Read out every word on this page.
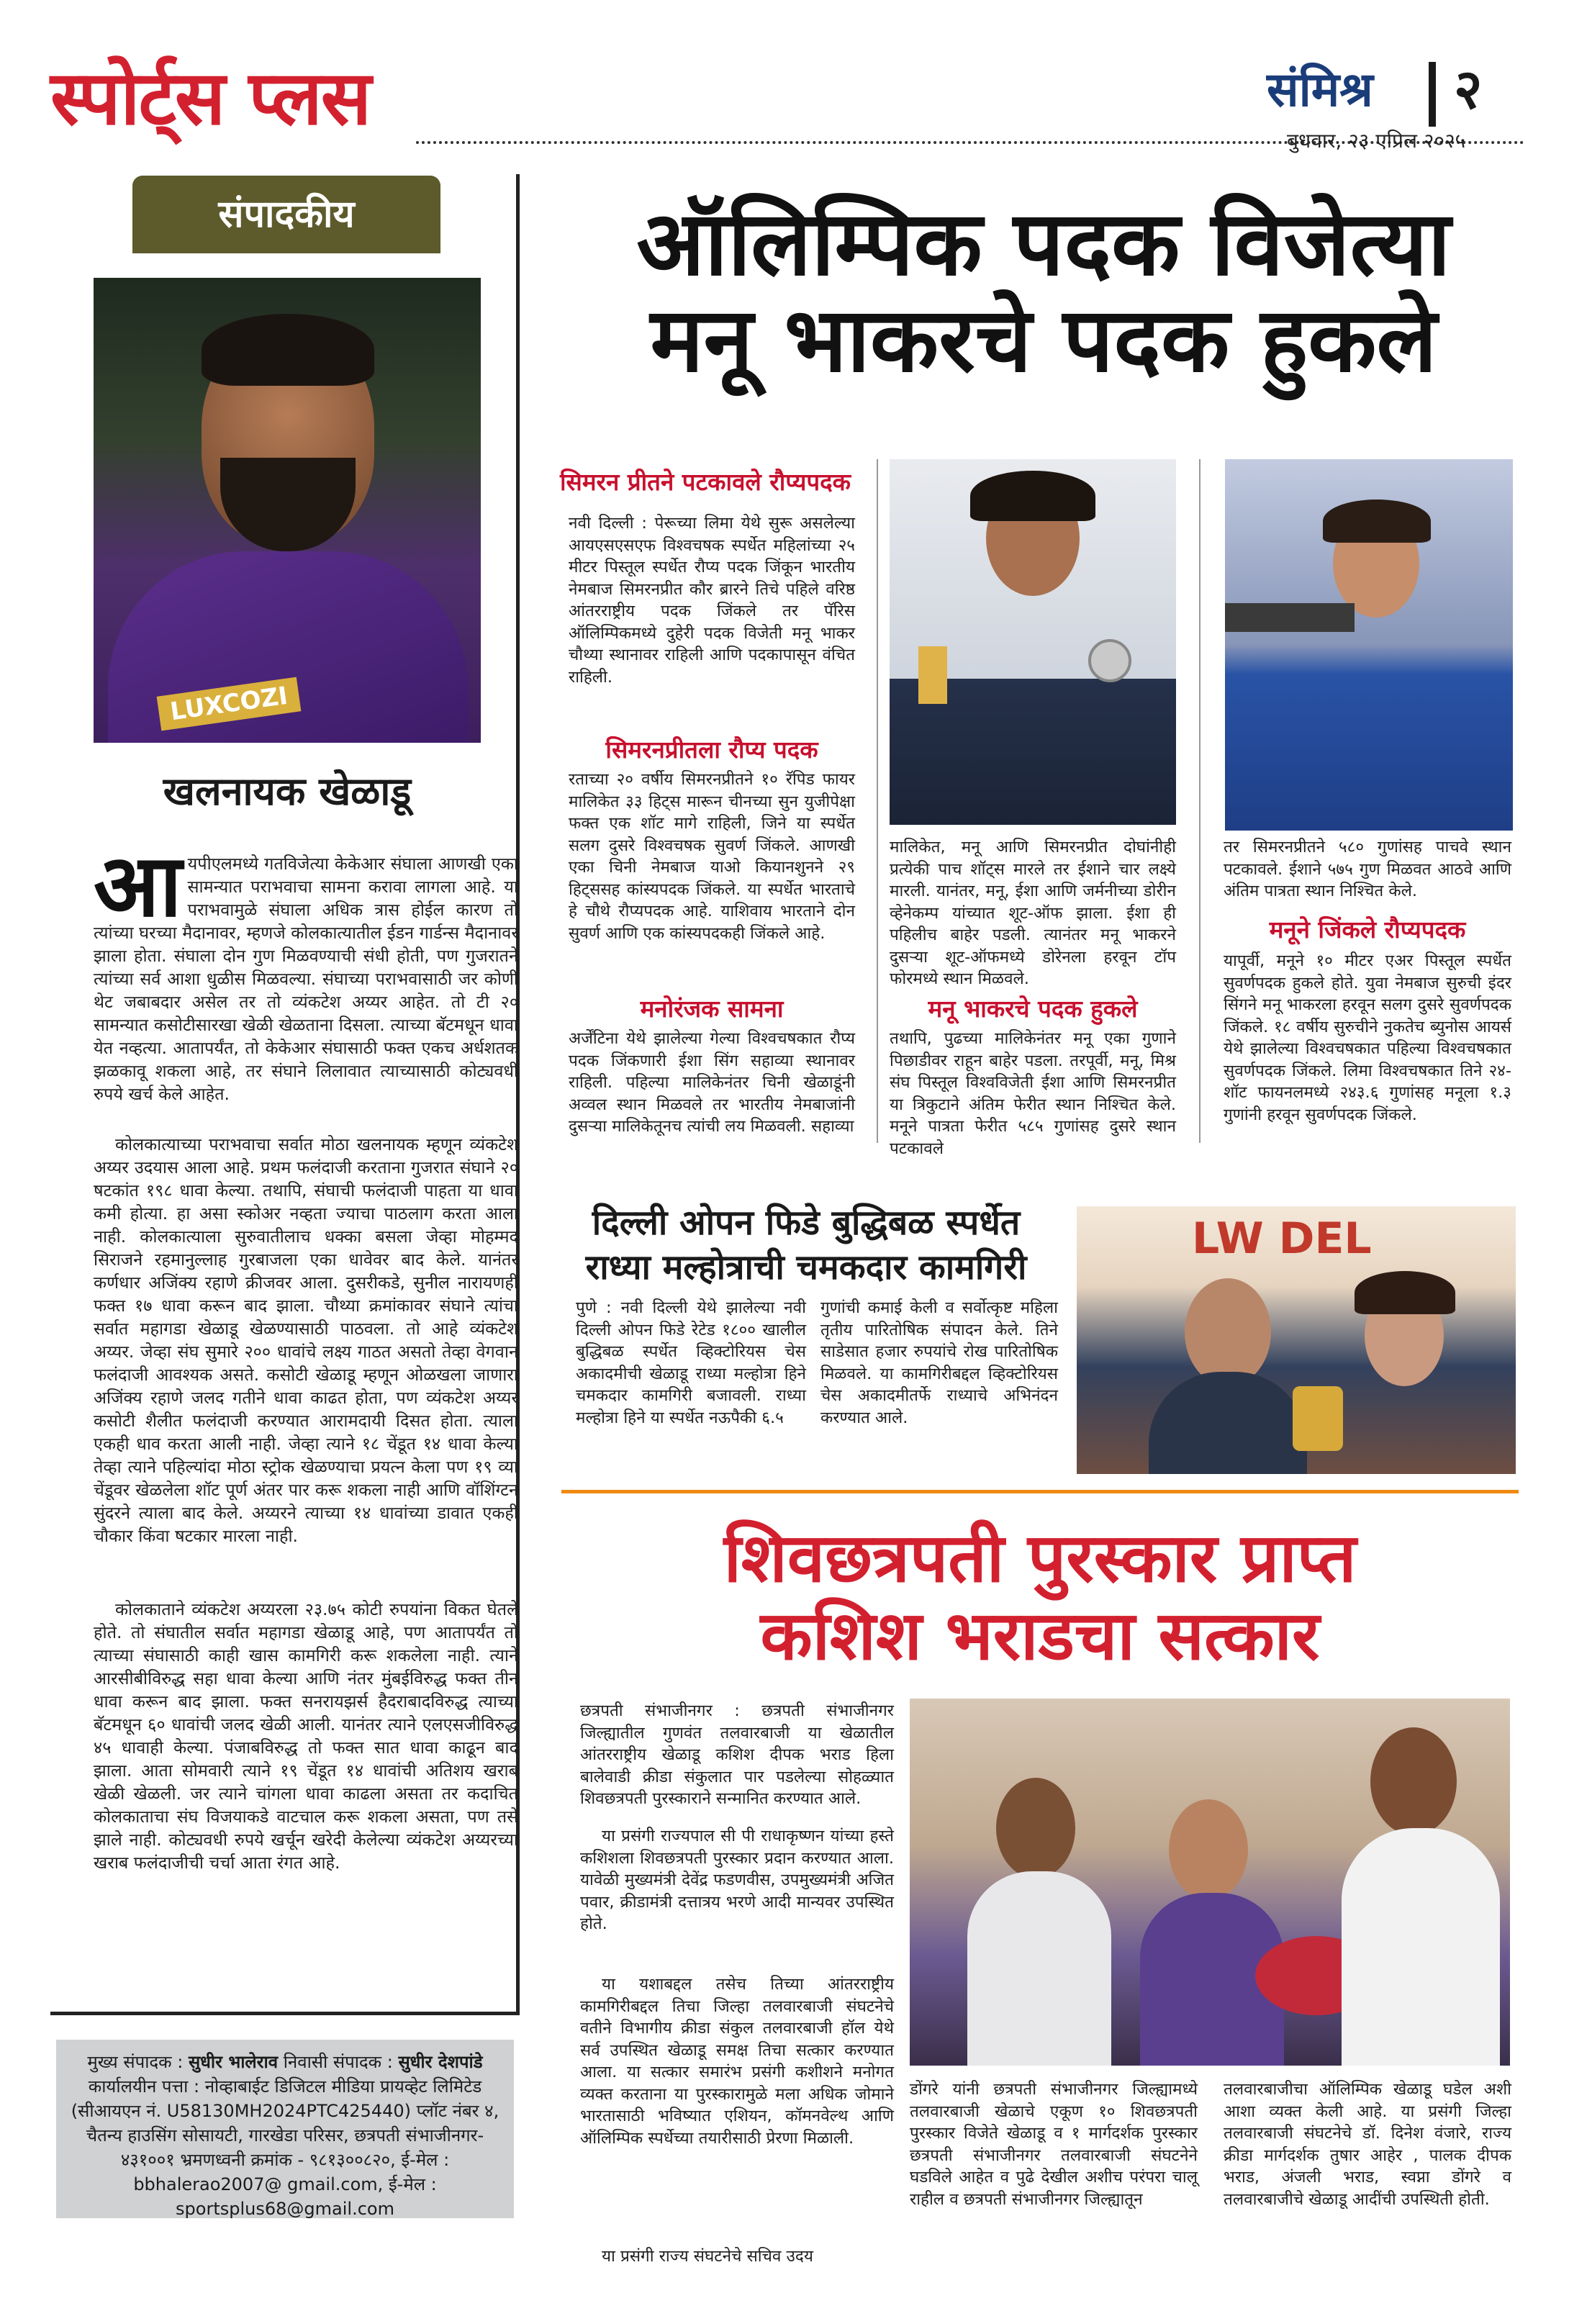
स्पोर्ट्स प्लस	संमिश्र २
बुधवार, २३ एप्रिल २०२५
संपादकीय
LUXCOZI
खलनायक खेळाडू

आयपीएलमध्ये गतविजेत्या केकेआर संघाला आणखी एका सामन्यात पराभवाचा सामना करावा लागला आहे. या पराभवामुळे संघाला अधिक त्रास होईल कारण तो त्यांच्या घरच्या मैदानावर, म्हणजे कोलकात्यातील ईडन गार्डन्स मैदानावर झाला होता. संघाला दोन गुण मिळवण्याची संधी होती, पण गुजरातने त्यांच्या सर्व आशा धुळीस मिळवल्या. संघाच्या पराभवासाठी जर कोणी थेट जबाबदार असेल तर तो व्यंकटेश अय्यर आहेत. तो टी २० सामन्यात कसोटीसारखा खेळी खेळताना दिसला. त्याच्या बॅटमधून धावा येत नव्हत्या. आतापर्यंत, तो केकेआर संघासाठी फक्त एकच अर्धशतक झळकावू शकला आहे, तर संघाने लिलावात त्याच्यासाठी कोट्यवधी रुपये खर्च केले आहेत.

कोलकात्याच्या पराभवाचा सर्वात मोठा खलनायक म्हणून व्यंकटेश अय्यर उदयास आला आहे. प्रथम फलंदाजी करताना गुजरात संघाने २० षटकांत १९८ धावा केल्या. तथापि, संघाची फलंदाजी पाहता या धावा कमी होत्या. हा असा स्कोअर नव्हता ज्याचा पाठलाग करता आला नाही. कोलकात्याला सुरुवातीलाच धक्का बसला जेव्हा मोहम्मद सिराजने रहमानुल्लाह गुरबाजला एका धावेवर बाद केले. यानंतर कर्णधार अजिंक्य रहाणे क्रीजवर आला. दुसरीकडे, सुनील नारायणही फक्त १७ धावा करून बाद झाला. चौथ्या क्रमांकावर संघाने त्यांचा सर्वात महागडा खेळाडू खेळण्यासाठी पाठवला. तो आहे व्यंकटेश अय्यर. जेव्हा संघ सुमारे २०० धावांचे लक्ष्य गाठत असतो तेव्हा वेगवान फलंदाजी आवश्यक असते. कसोटी खेळाडू म्हणून ओळखला जाणारा अजिंक्य रहाणे जलद गतीने धावा काढत होता, पण व्यंकटेश अय्यर कसोटी शैलीत फलंदाजी करण्यात आरामदायी दिसत होता. त्याला एकही धाव करता आली नाही. जेव्हा त्याने १८ चेंडूत १४ धावा केल्या तेव्हा त्याने पहिल्यांदा मोठा स्ट्रोक खेळण्याचा प्रयत्न केला पण १९ व्या चेंडूवर खेळलेला शॉट पूर्ण अंतर पार करू शकला नाही आणि वॉशिंग्टन सुंदरने त्याला बाद केले. अय्यरने त्याच्या १४ धावांच्या डावात एकही चौकार किंवा षटकार मारला नाही.

कोलकाताने व्यंकटेश अय्यरला २३.७५ कोटी रुपयांना विकत घेतले होते. तो संघातील सर्वात महागडा खेळाडू आहे, पण आतापर्यंत तो त्याच्या संघासाठी काही खास कामगिरी करू शकलेला नाही. त्याने आरसीबीविरुद्ध सहा धावा केल्या आणि नंतर मुंबईविरुद्ध फक्त तीन धावा करून बाद झाला. फक्त सनरायझर्स हैदराबादविरुद्ध त्याच्या बॅटमधून ६० धावांची जलद खेळी आली. यानंतर त्याने एलएसजीविरुद्ध ४५ धावाही केल्या. पंजाबविरुद्ध तो फक्त सात धावा काढून बाद झाला. आता सोमवारी त्याने १९ चेंडूत १४ धावांची अतिशय खराब खेळी खेळली. जर त्याने चांगला धावा काढला असता तर कदाचित कोलकाताचा संघ विजयाकडे वाटचाल करू शकला असता, पण तसे झाले नाही. कोट्यवधी रुपये खर्चून खरेदी केलेल्या व्यंकटेश अय्यरच्या खराब फलंदाजीची चर्चा आता रंगत आहे.

मुख्य संपादक : सुधीर भालेराव निवासी संपादक : सुधीर देशपांडे
कार्यालयीन पत्ता : नोव्हाबाईट डिजिटल मीडिया प्रायव्हेट लिमिटेड (सीआयएन नं. U58130MH2024PTC425440) प्लॉट नंबर ४, चैतन्य हाउसिंग सोसायटी, गारखेडा परिसर, छत्रपती संभाजीनगर- ४३१००१ भ्रमणध्वनी क्रमांक - ९८१३००८२०, ई-मेल : bbhalerao2007@ gmail.com, ई-मेल : sportsplus68@gmail.com
ऑलिम्पिक पदक विजेत्या
मनू भाकरचे पदक हुकले
सिमरन प्रीतने पटकावले रौप्यपदक
नवी दिल्ली : पेरूच्या लिमा येथे सुरू असलेल्या आयएसएसएफ विश्वचषक स्पर्धेत महिलांच्या २५ मीटर पिस्तूल स्पर्धेत रौप्य पदक जिंकून भारतीय नेमबाज सिमरनप्रीत कौर ब्रारने तिचे पहिले वरिष्ठ आंतरराष्ट्रीय पदक जिंकले तर पॅरिस ऑलिम्पिकमध्ये दुहेरी पदक विजेती मनू भाकर चौथ्या स्थानावर राहिली आणि पदकापासून वंचित राहिली.
सिमरनप्रीतला रौप्य पदक
रताच्या २० वर्षीय सिमरनप्रीतने १० रॅपिड फायर मालिकेत ३३ हिट्स मारून चीनच्या सुन युजीपेक्षा फक्त एक शॉट मागे राहिली, जिने या स्पर्धेत सलग दुसरे विश्वचषक सुवर्ण जिंकले. आणखी एका चिनी नेमबाज याओ कियानशुनने २९ हिट्ससह कांस्यपदक जिंकले. या स्पर्धेत भारताचे हे चौथे रौप्यपदक आहे. याशिवाय भारताने दोन सुवर्ण आणि एक कांस्यपदकही जिंकले आहे.
मनोरंजक सामना
अर्जेंटिना येथे झालेल्या गेल्या विश्वचषकात रौप्य पदक जिंकणारी ईशा सिंग सहाव्या स्थानावर राहिली. पहिल्या मालिकेनंतर चिनी खेळाडूंनी अव्वल स्थान मिळवले तर भारतीय नेमबाजांनी दुसऱ्या मालिकेतूनच त्यांची लय मिळवली. सहाव्या
मालिकेत, मनू आणि सिमरनप्रीत दोघांनीही प्रत्येकी पाच शॉट्स मारले तर ईशाने चार लक्ष्ये मारली. यानंतर, मनू, ईशा आणि जर्मनीच्या डोरीन व्हेनेकम्प यांच्यात शूट-ऑफ झाला. ईशा ही पहिलीच बाहेर पडली. त्यानंतर मनू भाकरने दुसऱ्या शूट-ऑफमध्ये डोरेनला हरवून टॉप फोरमध्ये स्थान मिळवले.
मनू भाकरचे पदक हुकले
तथापि, पुढच्या मालिकेनंतर मनू एका गुणाने पिछाडीवर राहून बाहेर पडला. तरपूर्वी, मनू, मिश्र संघ पिस्तूल विश्वविजेती ईशा आणि सिमरनप्रीत या त्रिकुटाने अंतिम फेरीत स्थान निश्चित केले. मनूने पात्रता फेरीत ५८५ गुणांसह दुसरे स्थान पटकावले
तर सिमरनप्रीतने ५८० गुणांसह पाचवे स्थान पटकावले. ईशाने ५७५ गुण मिळवत आठवे आणि अंतिम पात्रता स्थान निश्चित केले.
मनूने जिंकले रौप्यपदक
यापूर्वी, मनूने १० मीटर एअर पिस्तूल स्पर्धेत सुवर्णपदक हुकले होते. युवा नेमबाज सुरुची इंदर सिंगने मनू भाकरला हरवून सलग दुसरे सुवर्णपदक जिंकले. १८ वर्षीय सुरुचीने नुकतेच ब्युनोस आयर्स येथे झालेल्या विश्वचषकात पहिल्या विश्वचषकात सुवर्णपदक जिंकले. लिमा विश्वचषकात तिने २४-शॉट फायनलमध्ये २४३.६ गुणांसह मनूला १.३ गुणांनी हरवून सुवर्णपदक जिंकले.
दिल्ली ओपन फिडे बुद्धिबळ स्पर्धेत
राध्या मल्होत्राची चमकदार कामगिरी
पुणे : नवी दिल्ली येथे झालेल्या नवी दिल्ली ओपन फिडे रेटेड १८०० खालील बुद्धिबळ स्पर्धेत व्हिक्टोरियस चेस अकादमीची खेळाडू राध्या मल्होत्रा हिने चमकदार कामगिरी बजावली. राध्या मल्होत्रा हिने या स्पर्धेत नऊपैकी ६.५
गुणांची कमाई केली व सर्वोत्कृष्ट महिला तृतीय पारितोषिक संपादन केले. तिने साडेसात हजार रुपयांचे रोख पारितोषिक मिळवले. या कामगिरीबद्दल व्हिक्टोरियस चेस अकादमीतर्फे राध्याचे अभिनंदन करण्यात आले.
LW DEL
शिवछत्रपती पुरस्कार प्राप्त
कशिश भराडचा सत्कार
छत्रपती संभाजीनगर : छत्रपती संभाजीनगर जिल्ह्यातील गुणवंत तलवारबाजी या खेळातील आंतरराष्ट्रीय खेळाडू कशिश दीपक भराड हिला बालेवाडी क्रीडा संकुलात पार पडलेल्या सोहळ्यात शिवछत्रपती पुरस्काराने सन्मानित करण्यात आले.
या प्रसंगी राज्यपाल सी पी राधाकृष्णन यांच्या हस्ते कशिशला शिवछत्रपती पुरस्कार प्रदान करण्यात आला. यावेळी मुख्यमंत्री देवेंद्र फडणवीस, उपमुख्यमंत्री अजित पवार, क्रीडामंत्री दत्तात्रय भरणे आदी मान्यवर उपस्थित होते.
या यशाबद्दल तसेच तिच्या आंतरराष्ट्रीय कामगिरीबद्दल तिचा जिल्हा तलवारबाजी संघटनेचे वतीने विभागीय क्रीडा संकुल तलवारबाजी हॉल येथे सर्व उपस्थित खेळाडू समक्ष तिचा सत्कार करण्यात आला. या सत्कार समारंभ प्रसंगी कशीशने मनोगत व्यक्त करताना या पुरस्कारामुळे मला अधिक जोमाने भारतासाठी भविष्यात एशियन, कॉमनवेल्थ आणि ऑलिम्पिक स्पर्धेच्या तयारीसाठी प्रेरणा मिळाली.
या प्रसंगी राज्य संघटनेचे सचिव उदय
डोंगरे यांनी छत्रपती संभाजीनगर जिल्ह्यामध्ये तलवारबाजी खेळाचे एकूण १० शिवछत्रपती पुरस्कार विजेते खेळाडू व १ मार्गदर्शक पुरस्कार छत्रपती संभाजीनगर तलवारबाजी संघटनेने घडविले आहेत व पुढे देखील अशीच परंपरा चालू राहील व छत्रपती संभाजीनगर जिल्ह्यातून
तलवारबाजीचा ऑलिम्पिक खेळाडू घडेल अशी आशा व्यक्त केली आहे. या प्रसंगी जिल्हा तलवारबाजी संघटनेचे डॉ. दिनेश वंजारे, राज्य क्रीडा मार्गदर्शक तुषार आहेर , पालक दीपक भराड, अंजली भराड, स्वप्ना डोंगरे व तलवारबाजीचे खेळाडू आदींची उपस्थिती होती.
